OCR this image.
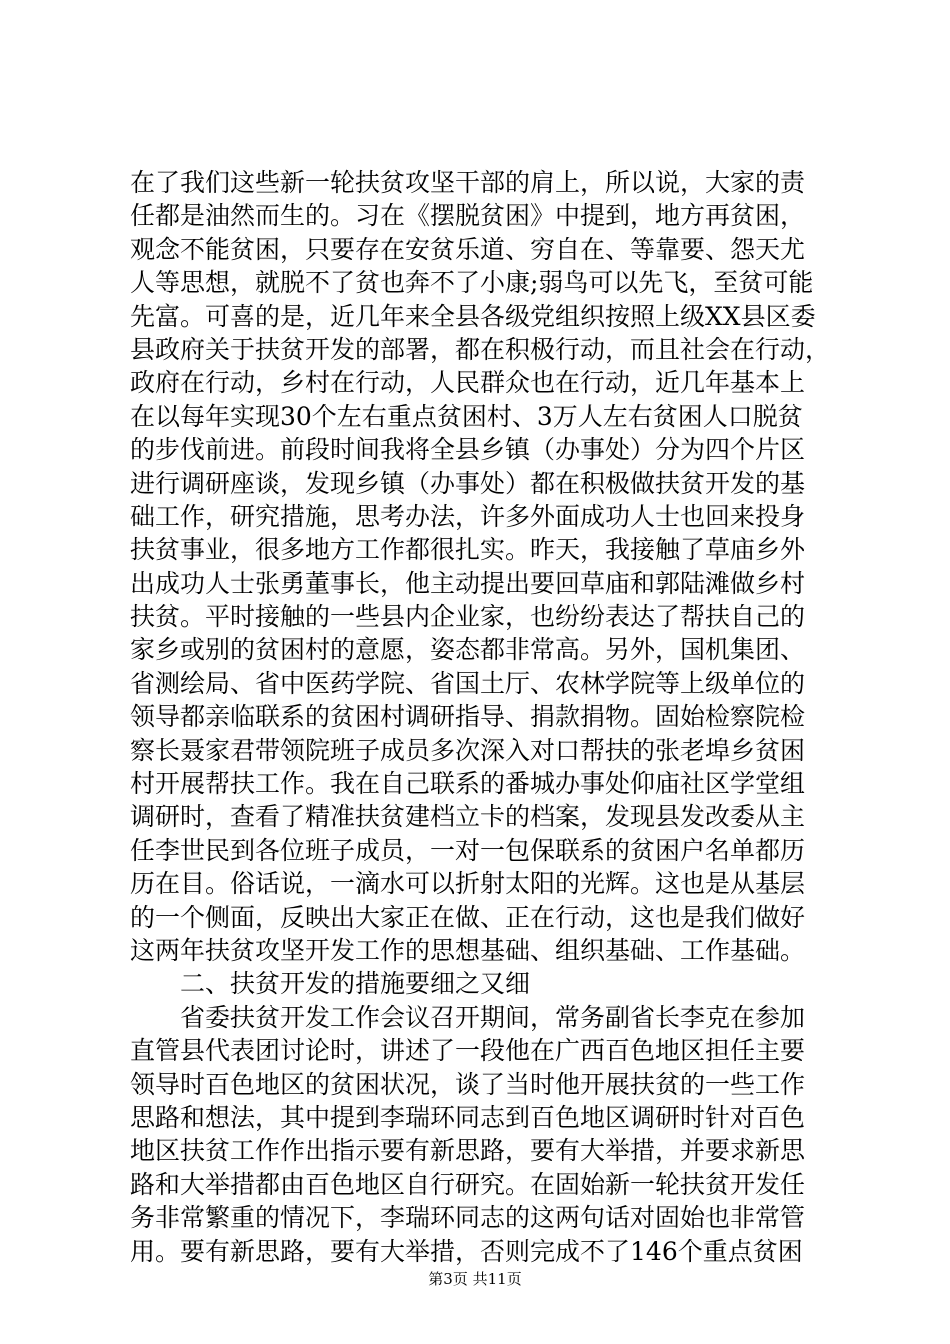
在了我们这些新一轮扶贫攻坚干部的肩上，所以说，大家的责
任都是油然而生的。习在《摆脱贫困》中提到，地方再贫困，
观念不能贫困，只要存在安贫乐道、穷自在、等靠要、怨天尤
人等思想，就脱不了贫也奔不了小康;弱鸟可以先飞，至贫可能
先富。可喜的是，近几年来全县各级党组织按照上级XX县区委
县政府关于扶贫开发的部署，都在积极行动，而且社会在行动，
政府在行动，乡村在行动，人民群众也在行动，近几年基本上
在以每年实现30个左右重点贫困村、3万人左右贫困人口脱贫
的步伐前进。前段时间我将全县乡镇（办事处）分为四个片区
进行调研座谈，发现乡镇（办事处）都在积极做扶贫开发的基
础工作，研究措施，思考办法，许多外面成功人士也回来投身
扶贫事业，很多地方工作都很扎实。昨天，我接触了草庙乡外
出成功人士张勇董事长，他主动提出要回草庙和郭陆滩做乡村
扶贫。平时接触的一些县内企业家，也纷纷表达了帮扶自己的
家乡或别的贫困村的意愿，姿态都非常高。另外，国机集团、
省测绘局、省中医药学院、省国土厅、农林学院等上级单位的
领导都亲临联系的贫困村调研指导、捐款捐物。固始检察院检
察长聂家君带领院班子成员多次深入对口帮扶的张老埠乡贫困
村开展帮扶工作。我在自己联系的番城办事处仰庙社区学堂组
调研时，查看了精准扶贫建档立卡的档案，发现县发改委从主
任李世民到各位班子成员，一对一包保联系的贫困户名单都历
历在目。俗话说，一滴水可以折射太阳的光辉。这也是从基层
的一个侧面，反映出大家正在做、正在行动，这也是我们做好
这两年扶贫攻坚开发工作的思想基础、组织基础、工作基础。
二、扶贫开发的措施要细之又细
省委扶贫开发工作会议召开期间，常务副省长李克在参加
直管县代表团讨论时，讲述了一段他在广西百色地区担任主要
领导时百色地区的贫困状况，谈了当时他开展扶贫的一些工作
思路和想法，其中提到李瑞环同志到百色地区调研时针对百色
地区扶贫工作作出指示要有新思路，要有大举措，并要求新思
路和大举措都由百色地区自行研究。在固始新一轮扶贫开发任
务非常繁重的情况下，李瑞环同志的这两句话对固始也非常管
用。要有新思路，要有大举措，否则完成不了146个重点贫困
第3页 共11页
